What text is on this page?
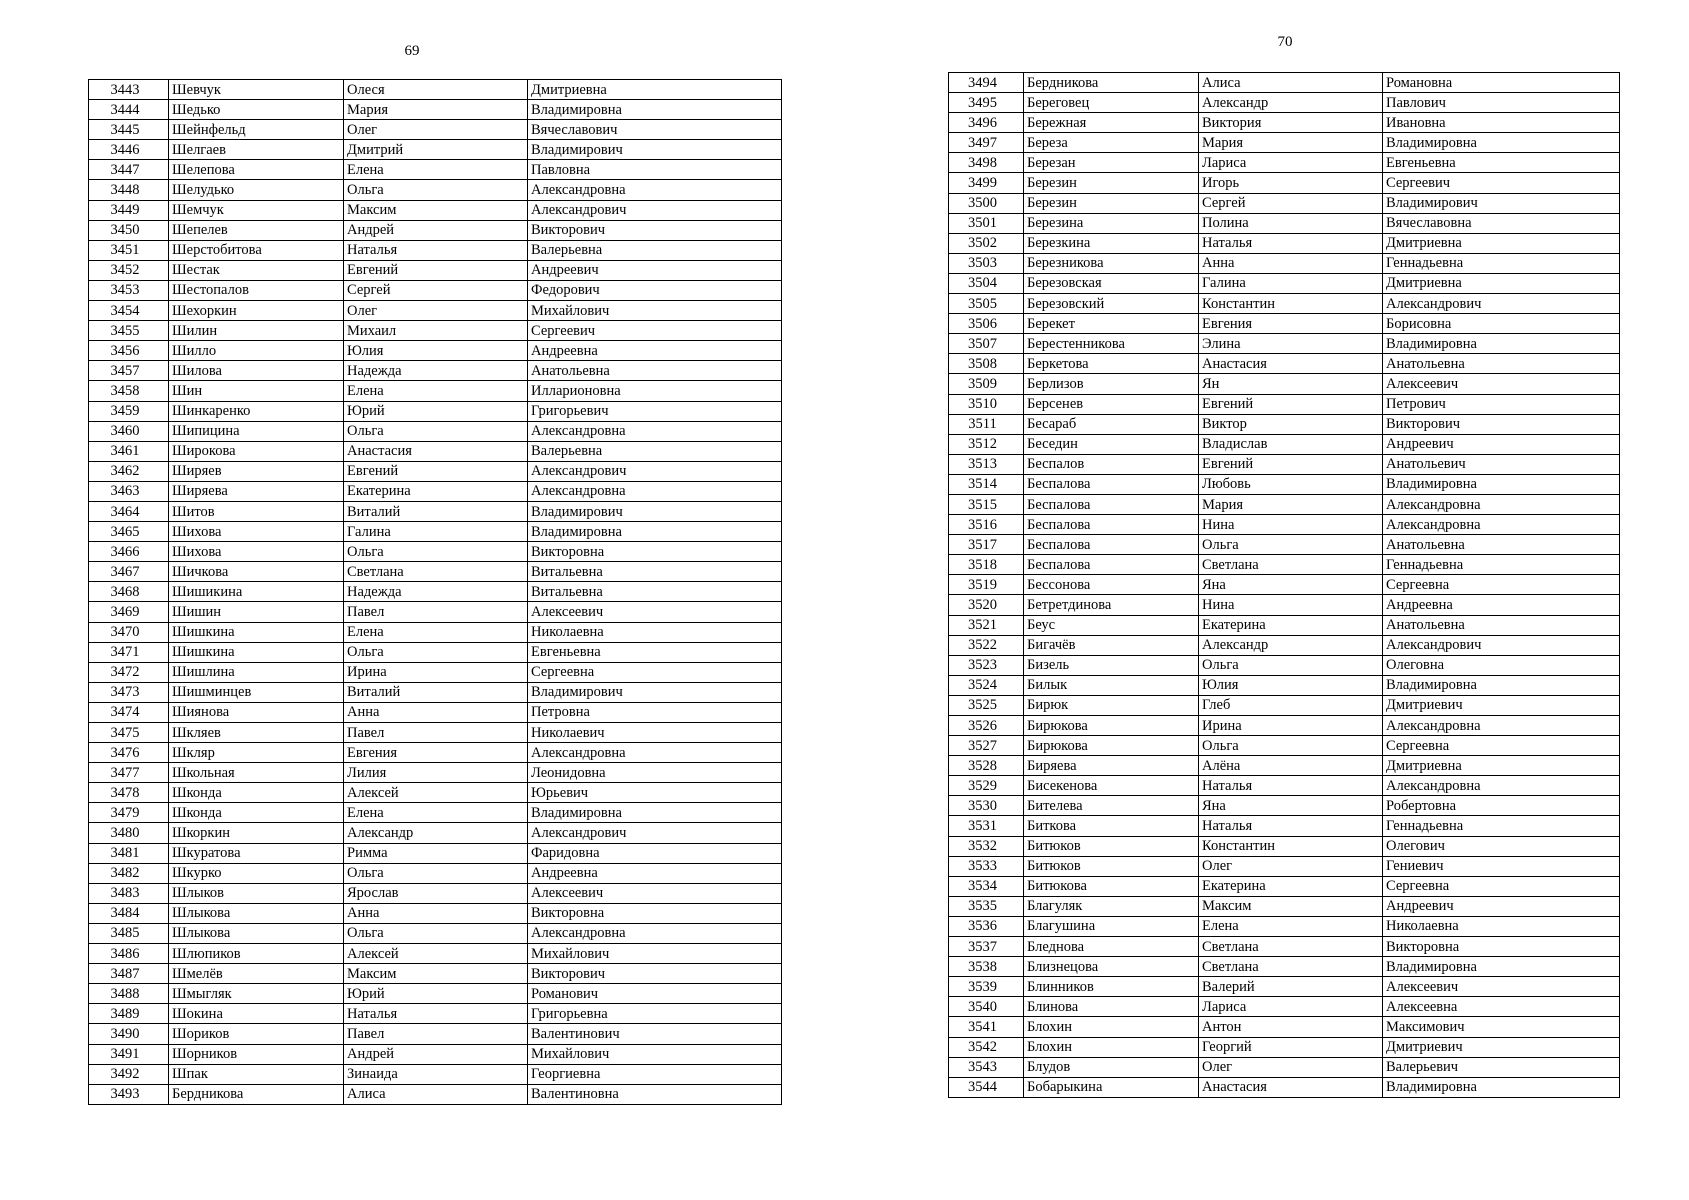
69
3443	Шевчук	Олеся	Дмитриевна
3444	Шедько	Мария	Владимировна
3445	Шейнфельд	Олег	Вячеславович
3446	Шелгаев	Дмитрий	Владимирович
3447	Шелепова	Елена	Павловна
3448	Шелудько	Ольга	Александровна
3449	Шемчук	Максим	Александрович
3450	Шепелев	Андрей	Викторович
3451	Шерстобитова	Наталья	Валерьевна
3452	Шестак	Евгений	Андреевич
3453	Шестопалов	Сергей	Федорович
3454	Шехоркин	Олег	Михайлович
3455	Шилин	Михаил	Сергеевич
3456	Шилло	Юлия	Андреевна
3457	Шилова	Надежда	Анатольевна
3458	Шин	Елена	Илларионовна
3459	Шинкаренко	Юрий	Григорьевич
3460	Шипицина	Ольга	Александровна
3461	Широкова	Анастасия	Валерьевна
3462	Ширяев	Евгений	Александрович
3463	Ширяева	Екатерина	Александровна
3464	Шитов	Виталий	Владимирович
3465	Шихова	Галина	Владимировна
3466	Шихова	Ольга	Викторовна
3467	Шичкова	Светлана	Витальевна
3468	Шишикина	Надежда	Витальевна
3469	Шишин	Павел	Алексеевич
3470	Шишкина	Елена	Николаевна
3471	Шишкина	Ольга	Евгеньевна
3472	Шишлина	Ирина	Сергеевна
3473	Шишминцев	Виталий	Владимирович
3474	Шиянова	Анна	Петровна
3475	Шкляев	Павел	Николаевич
3476	Шкляр	Евгения	Александровна
3477	Школьная	Лилия	Леонидовна
3478	Шконда	Алексей	Юрьевич
3479	Шконда	Елена	Владимировна
3480	Шкоркин	Александр	Александрович
3481	Шкуратова	Римма	Фаридовна
3482	Шкурко	Ольга	Андреевна
3483	Шлыков	Ярослав	Алексеевич
3484	Шлыкова	Анна	Викторовна
3485	Шлыкова	Ольга	Александровна
3486	Шлюпиков	Алексей	Михайлович
3487	Шмелёв	Максим	Викторович
3488	Шмыгляк	Юрий	Романович
3489	Шокина	Наталья	Григорьевна
3490	Шориков	Павел	Валентинович
3491	Шорников	Андрей	Михайлович
3492	Шпак	Зинаида	Георгиевна
3493	Бердникова	Алиса	Валентиновна
70
3494	Бердникова	Алиса	Романовна
3495	Береговец	Александр	Павлович
3496	Бережная	Виктория	Ивановна
3497	Береза	Мария	Владимировна
3498	Березан	Лариса	Евгеньевна
3499	Березин	Игорь	Сергеевич
3500	Березин	Сергей	Владимирович
3501	Березина	Полина	Вячеславовна
3502	Березкина	Наталья	Дмитриевна
3503	Березникова	Анна	Геннадьевна
3504	Березовская	Галина	Дмитриевна
3505	Березовский	Константин	Александрович
3506	Берекет	Евгения	Борисовна
3507	Берестенникова	Элина	Владимировна
3508	Беркетова	Анастасия	Анатольевна
3509	Берлизов	Ян	Алексеевич
3510	Берсенев	Евгений	Петрович
3511	Бесараб	Виктор	Викторович
3512	Беседин	Владислав	Андреевич
3513	Беспалов	Евгений	Анатольевич
3514	Беспалова	Любовь	Владимировна
3515	Беспалова	Мария	Александровна
3516	Беспалова	Нина	Александровна
3517	Беспалова	Ольга	Анатольевна
3518	Беспалова	Светлана	Геннадьевна
3519	Бессонова	Яна	Сергеевна
3520	Бетретдинова	Нина	Андреевна
3521	Беус	Екатерина	Анатольевна
3522	Бигачёв	Александр	Александрович
3523	Бизель	Ольга	Олеговна
3524	Билык	Юлия	Владимировна
3525	Бирюк	Глеб	Дмитриевич
3526	Бирюкова	Ирина	Александровна
3527	Бирюкова	Ольга	Сергеевна
3528	Биряева	Алёна	Дмитриевна
3529	Бисекенова	Наталья	Александровна
3530	Бителева	Яна	Робертовна
3531	Биткова	Наталья	Геннадьевна
3532	Битюков	Константин	Олегович
3533	Битюков	Олег	Гениевич
3534	Битюкова	Екатерина	Сергеевна
3535	Благуляк	Максим	Андреевич
3536	Благушина	Елена	Николаевна
3537	Бледнова	Светлана	Викторовна
3538	Близнецова	Светлана	Владимировна
3539	Блинников	Валерий	Алексеевич
3540	Блинова	Лариса	Алексеевна
3541	Блохин	Антон	Максимович
3542	Блохин	Георгий	Дмитриевич
3543	Блудов	Олег	Валерьевич
3544	Бобарыкина	Анастасия	Владимировна
